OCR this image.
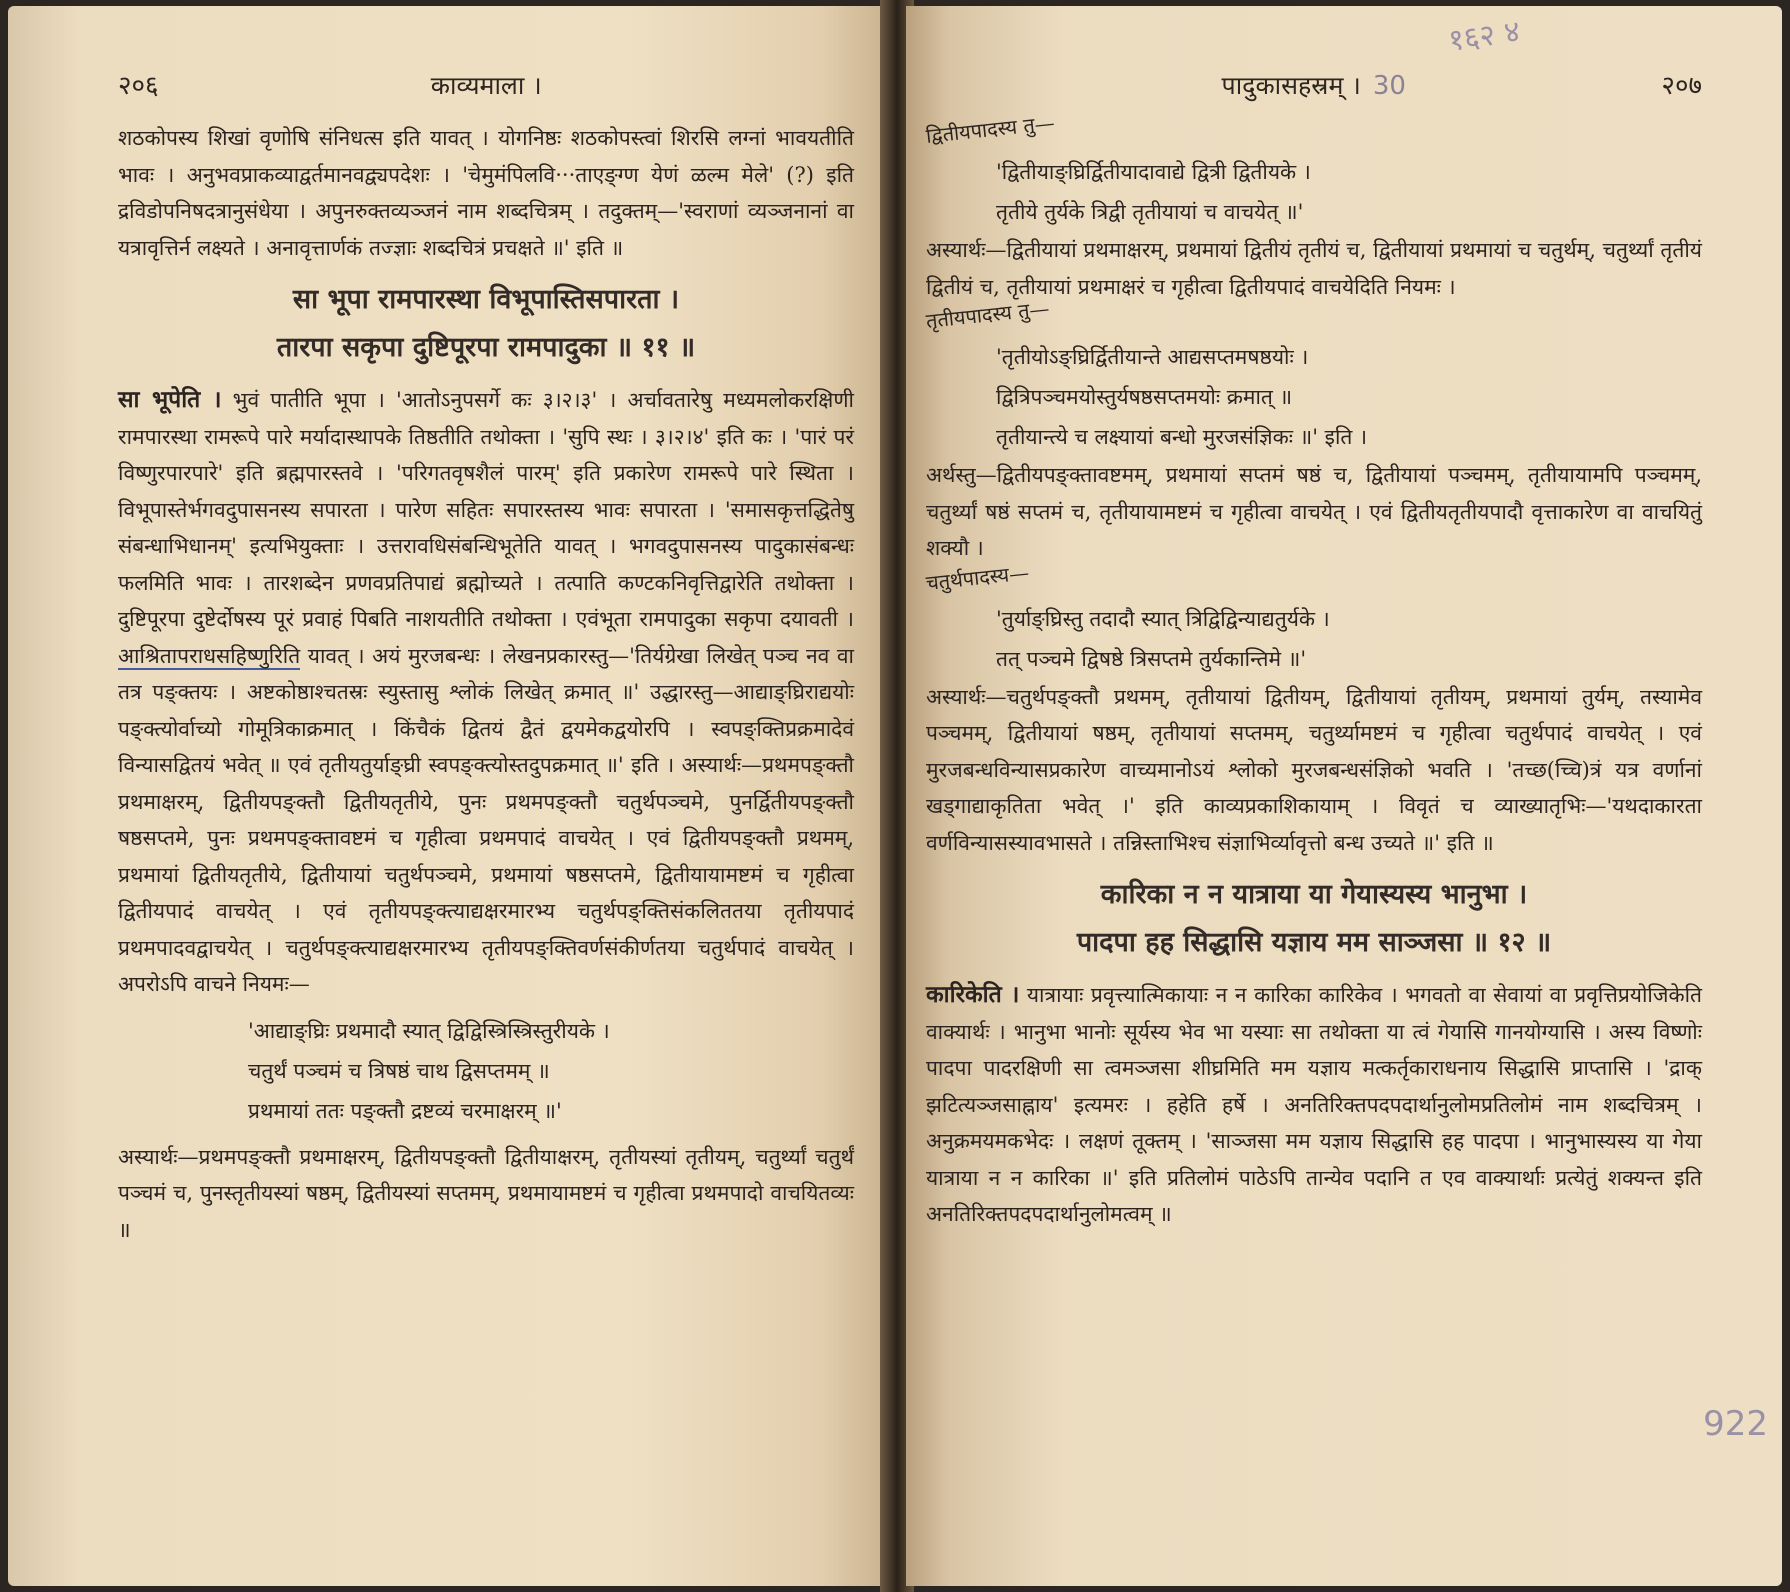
२०६	काव्यमाला ।

शठकोपस्य शिखां वृणोषि संनिधत्स इति यावत् । योगनिष्ठः शठकोपस्त्वां शिरसि लग्नां भावयतीति भावः । अनुभवप्राकव्याद्वर्तमानवद्व्यपदेशः । 'चेमुमंपिलवि···ताएङ्ग्ण येणं ळल्म मेले' (?) इति द्रविडोपनिषदत्रानुसंधेया । अपुनरुक्तव्यञ्जनं नाम शब्दचित्रम् । तदुक्तम्—'स्वराणां व्यञ्जनानां वा यत्रावृत्तिर्न लक्ष्यते । अनावृत्तार्णकं तज्ज्ञाः शब्दचित्रं प्रचक्षते ॥' इति ॥

सा भूपा रामपारस्था विभूपास्तिसपारता ।
तारपा सकृपा दुष्टिपूरपा रामपादुका ॥ ११ ॥

सा भूपेति । भुवं पातीति भूपा । 'आतोऽनुपसर्गे कः ३।२।३' । अर्चावतारेषु मध्यमलोकरक्षिणी रामपारस्था रामरूपे पारे मर्यादास्थापके तिष्ठतीति तथोक्ता । 'सुपि स्थः । ३।२।४' इति कः । 'पारं परं विष्णुरपारपारे' इति ब्रह्मपारस्तवे । 'परिगतवृषशैलं पारम्' इति प्रकारेण रामरूपे पारे स्थिता । विभूपास्तेर्भगवदुपासनस्य सपारता । पारेण सहितः सपारस्तस्य भावः सपारता । 'समासकृत्तद्धितेषु संबन्धाभिधानम्' इत्यभियुक्ताः । उत्तरावधिसंबन्धिभूतेति यावत् । भगवदुपासनस्य पादुकासंबन्धः फलमिति भावः । तारशब्देन प्रणवप्रतिपाद्यं ब्रह्मोच्यते । तत्पाति कण्टकनिवृत्तिद्वारेति तथोक्ता । दुष्टिपूरपा दुष्टेर्दोषस्य पूरं प्रवाहं पिबति नाशयतीति तथोक्ता । एवंभूता रामपादुका सकृपा दयावती ।आश्रितापराधसहिष्णुरिति यावत् । अयं मुरजबन्धः । लेखनप्रकारस्तु—'तिर्यग्रेखा लिखेत् पञ्च नव वा तत्र पङ्क्तयः । अष्टकोष्ठाश्चतस्रः स्युस्तासु श्लोकं लिखेत् क्रमात् ॥' उद्धारस्तु—आद्याङ्घ्रिराद्ययोः पङ्क्त्योर्वाच्यो गोमूत्रिकाक्रमात् । किंचैकं द्वितयं द्वैतं द्वयमेकद्वयोरपि । स्वपङ्क्तिप्रक्रमादेवं विन्यासद्वितयं भवेत् ॥ एवं तृतीयतुर्याङ्घ्री स्वपङ्क्त्योस्तदुपक्रमात् ॥' इति । अस्यार्थः—प्रथमपङ्क्तौ प्रथमाक्षरम्, द्वितीयपङ्क्तौ द्वितीयतृतीये, पुनः प्रथमपङ्क्तौ चतुर्थपञ्चमे, पुनर्द्वितीयपङ्क्तौ षष्ठसप्तमे, पुनः प्रथमपङ्क्तावष्टमं च गृहीत्वा प्रथमपादं वाचयेत् । एवं द्वितीयपङ्क्तौ प्रथमम्, प्रथमायां द्वितीयतृतीये, द्वितीयायां चतुर्थपञ्चमे, प्रथमायां षष्ठसप्तमे, द्वितीयायामष्टमं च गृहीत्वा द्वितीयपादं वाचयेत् । एवं तृतीयपङ्क्त्याद्यक्षरमारभ्य चतुर्थपङ्क्तिसंकलिततया तृतीयपादं प्रथमपादवद्वाचयेत् । चतुर्थपङ्क्त्याद्यक्षरमारभ्य तृतीयपङ्क्तिवर्णसंकीर्णतया चतुर्थपादं वाचयेत् । अपरोऽपि वाचने नियमः—

'आद्याङ्घ्रिः प्रथमादौ स्यात् द्विद्विस्त्रिस्त्रिस्तुरीयके ।

चतुर्थं पञ्चमं च त्रिषष्ठं चाथ द्विसप्तमम् ॥

प्रथमायां ततः पङ्क्तौ द्रष्टव्यं चरमाक्षरम् ॥'

अस्यार्थः—प्रथमपङ्क्तौ प्रथमाक्षरम्, द्वितीयपङ्क्तौ द्वितीयाक्षरम्, तृतीयस्यां तृतीयम्, चतुर्थ्यां चतुर्थं पञ्चमं च, पुनस्तृतीयस्यां षष्ठम्, द्वितीयस्यां सप्तमम्, प्रथमायामष्टमं च गृहीत्वा प्रथमपादो वाचयितव्यः ॥

१६२ ४
पादुकासहस्रम् । 30	२०७
द्वितीयपादस्य तु—

'द्वितीयाङ्घ्रिर्द्वितीयादावाद्ये द्वित्री द्वितीयके ।

तृतीये तुर्यके त्रिद्वी तृतीयायां च वाचयेत् ॥'

अस्यार्थः—द्वितीयायां प्रथमाक्षरम्, प्रथमायां द्वितीयं तृतीयं च, द्वितीयायां प्रथमायां च चतुर्थम्, चतुर्थ्यां तृतीयं द्वितीयं च, तृतीयायां प्रथमाक्षरं च गृहीत्वा द्वितीयपादं वाचयेदिति नियमः ।

तृतीयपादस्य तु—

'तृतीयोऽङ्घ्रिर्द्वितीयान्ते आद्यसप्तमषष्ठयोः ।

द्वित्रिपञ्चमयोस्तुर्यषष्ठसप्तमयोः क्रमात् ॥

तृतीयान्त्ये च लक्ष्यायां बन्धो मुरजसंज्ञिकः ॥' इति ।

अर्थस्तु—द्वितीयपङ्क्तावष्टमम्, प्रथमायां सप्तमं षष्ठं च, द्वितीयायां पञ्चमम्, तृतीयायामपि पञ्चमम्, चतुर्थ्यां षष्ठं सप्तमं च, तृतीयायामष्टमं च गृहीत्वा वाचयेत् । एवं द्वितीयतृतीयपादौ वृत्ताकारेण वा वाचयितुं शक्यौ ।

चतुर्थपादस्य—

'तुर्याङ्घ्रिस्तु तदादौ स्यात् त्रिद्विद्विन्याद्यतुर्यके ।

तत् पञ्चमे द्विषष्ठे त्रिसप्तमे तुर्यकान्तिमे ॥'

अस्यार्थः—चतुर्थपङ्क्तौ प्रथमम्, तृतीयायां द्वितीयम्, द्वितीयायां तृतीयम्, प्रथमायां तुर्यम्, तस्यामेव पञ्चमम्, द्वितीयायां षष्ठम्, तृतीयायां सप्तमम्, चतुर्थ्यामष्टमं च गृहीत्वा चतुर्थपादं वाचयेत् । एवं मुरजबन्धविन्यासप्रकारेण वाच्यमानोऽयं श्लोको मुरजबन्धसंज्ञिको भवति । 'तच्छ(च्चि)त्रं यत्र वर्णानां खड्गाद्याकृतिता भवेत् ।' इति काव्यप्रकाशिकायाम् । विवृतं च व्याख्यातृभिः—'यथदाकारता वर्णविन्यासस्यावभासते । तन्निस्ताभिश्च संज्ञाभिर्व्यावृत्तो बन्ध उच्यते ॥' इति ॥

कारिका न न यात्राया या गेयास्यस्य भानुभा ।
पादपा हह सिद्धासि यज्ञाय मम साञ्जसा ॥ १२ ॥

कारिकेति । यात्रायाः प्रवृत्त्यात्मिकायाः न न कारिका कारिकेव । भगवतो वा सेवायां वा प्रवृत्तिप्रयोजिकेति वाक्यार्थः । भानुभा भानोः सूर्यस्य भेव भा यस्याः सा तथोक्ता या त्वं गेयासि गानयोग्यासि । अस्य विष्णोः पादपा पादरक्षिणी सा त्वमञ्जसा शीघ्रमिति मम यज्ञाय मत्कर्तृकाराधनाय सिद्धासि प्राप्तासि । 'द्राक् झटित्यञ्जसाह्नाय' इत्यमरः । हहेति हर्षे । अनतिरिक्तपदपदार्थानुलोमप्रतिलोमं नाम शब्दचित्रम् । अनुक्रमयमकभेदः । लक्षणं तूक्तम् । 'साञ्जसा मम यज्ञाय सिद्धासि हह पादपा । भानुभास्यस्य या गेया यात्राया न न कारिका ॥' इति प्रतिलोमं पाठेऽपि तान्येव पदानि त एव वाक्यार्थाः प्रत्येतुं शक्यन्त इति अनतिरिक्तपदपदार्थानुलोमत्वम् ॥

922
